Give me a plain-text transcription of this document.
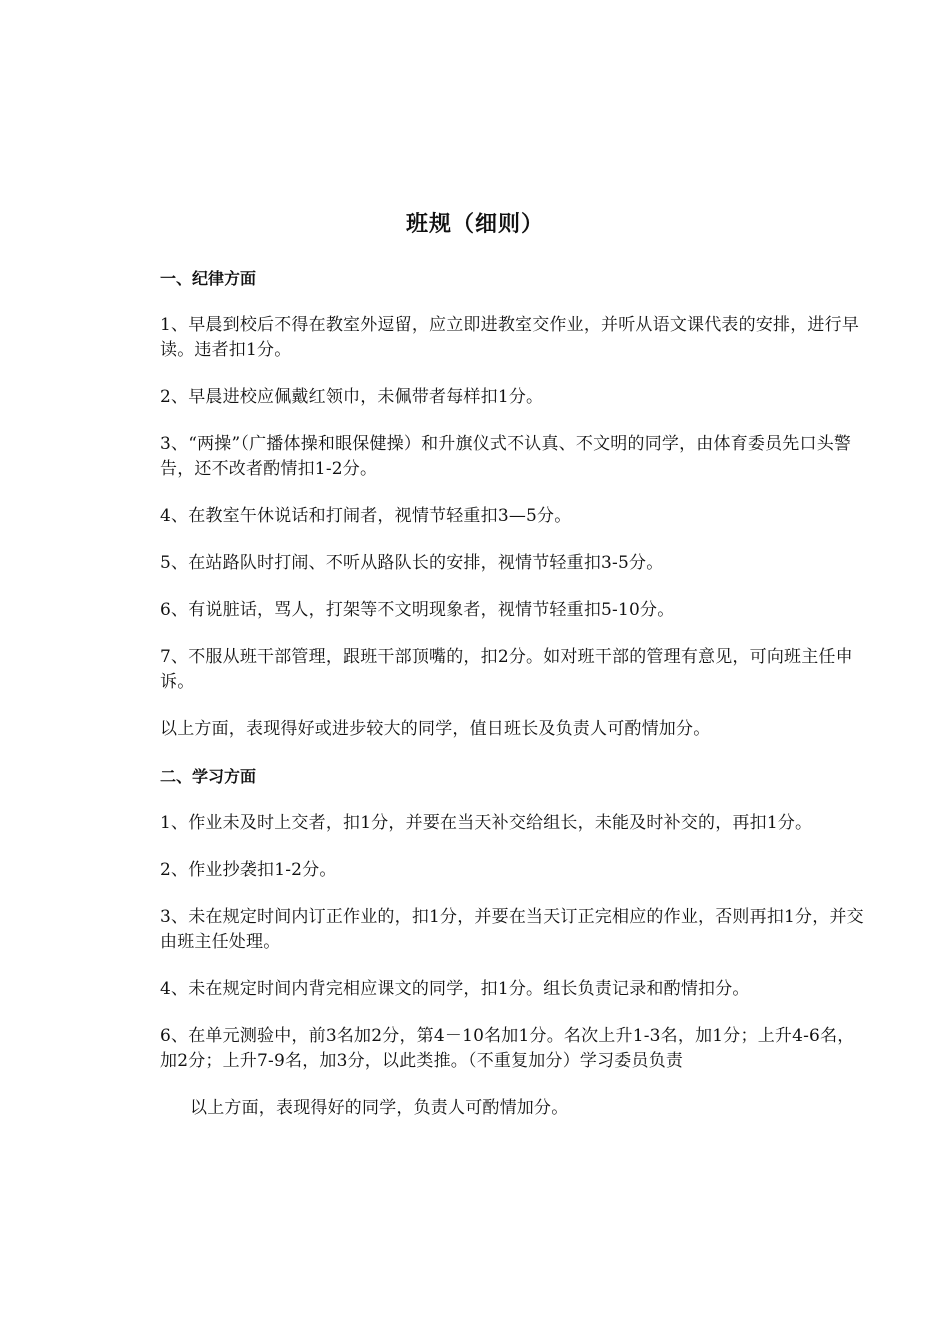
班规（细则）
一、纪律方面
1、早晨到校后不得在教室外逗留，应立即进教室交作业，并听从语文课代表的安排，进行早读。违者扣1分。
2、早晨进校应佩戴红领巾，未佩带者每样扣1分。
3、“两操”（广播体操和眼保健操）和升旗仪式不认真、不文明的同学，由体育委员先口头警告，还不改者酌情扣1-2分。
4、在教室午休说话和打闹者，视情节轻重扣3—5分。
5、在站路队时打闹、不听从路队长的安排，视情节轻重扣3-5分。
6、有说脏话，骂人，打架等不文明现象者，视情节轻重扣5-10分。
7、不服从班干部管理，跟班干部顶嘴的，扣2分。如对班干部的管理有意见，可向班主任申诉。
以上方面，表现得好或进步较大的同学，值日班长及负责人可酌情加分。
二、学习方面
1、作业未及时上交者，扣1分，并要在当天补交给组长，未能及时补交的，再扣1分。
2、作业抄袭扣1-2分。
3、未在规定时间内订正作业的，扣1分，并要在当天订正完相应的作业，否则再扣1分，并交由班主任处理。
4、未在规定时间内背完相应课文的同学，扣1分。组长负责记录和酌情扣分。
6、在单元测验中，前3名加2分，第4－10名加1分。名次上升1-3名，加1分；上升4-6名，加2分；上升7-9名，加3分，以此类推。（不重复加分）学习委员负责
以上方面，表现得好的同学，负责人可酌情加分。
